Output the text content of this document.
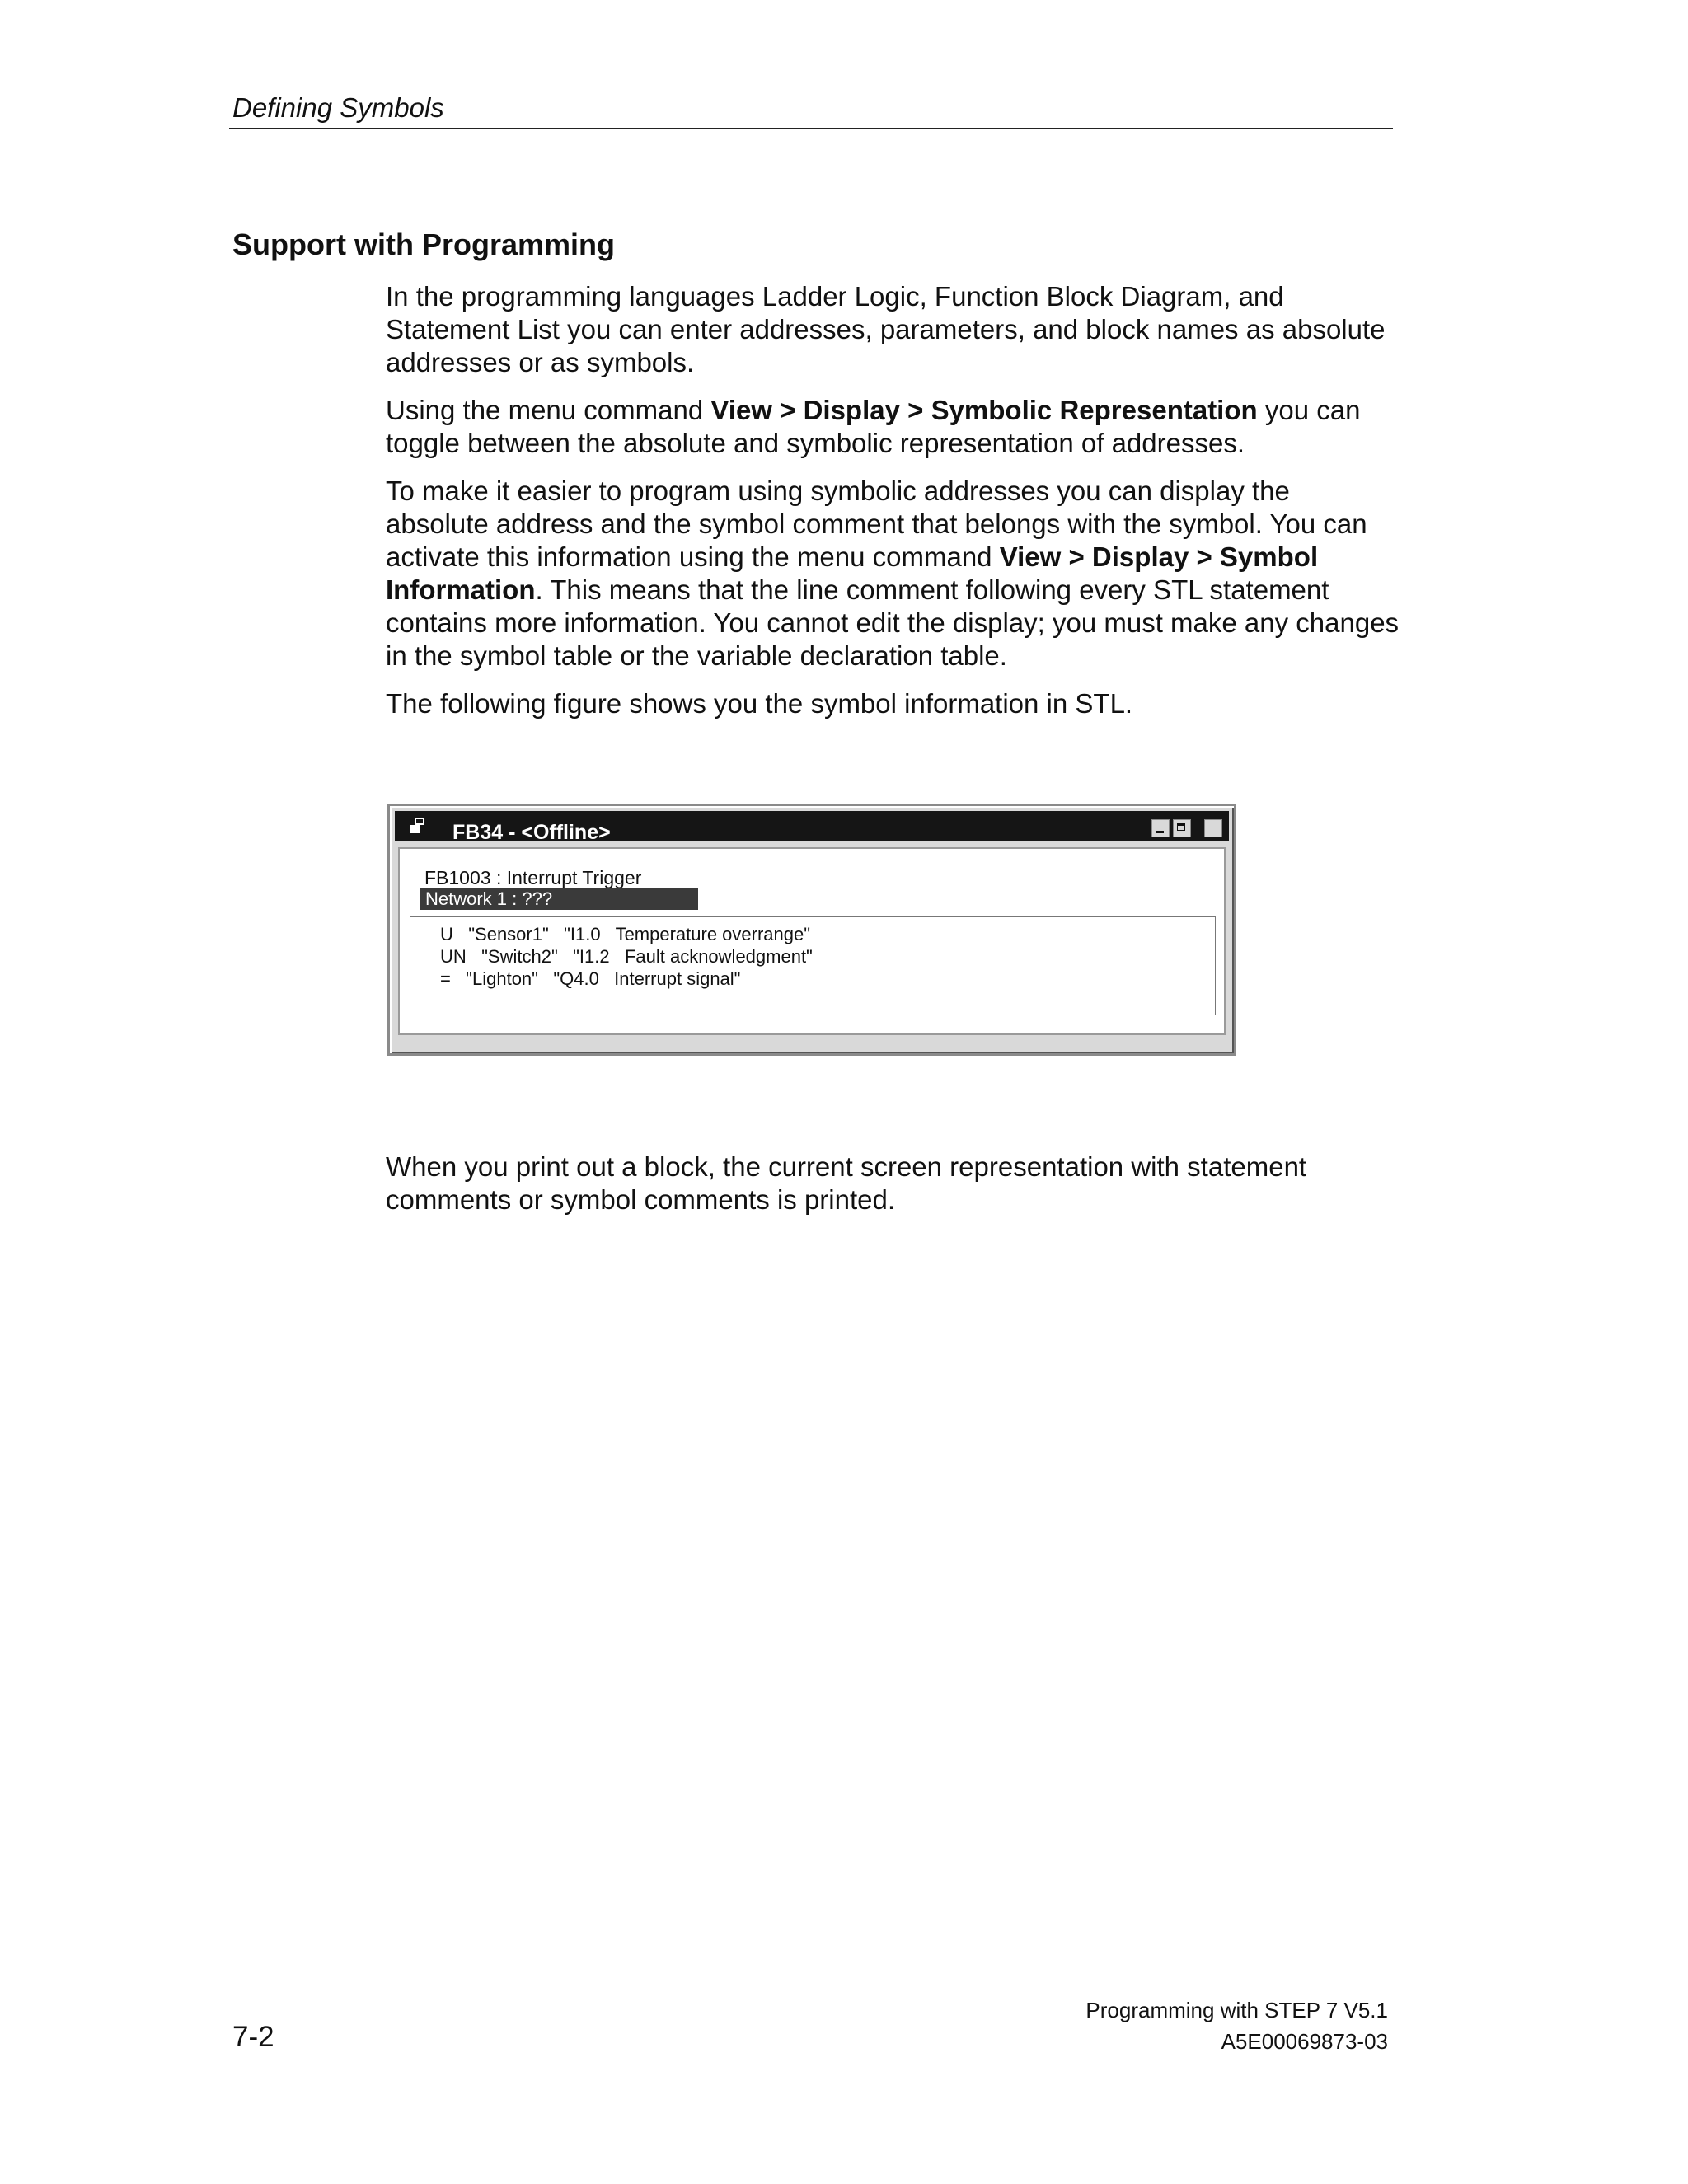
Defining Symbols
Support with Programming

In the programming languages Ladder Logic, Function Block Diagram, and Statement List you can enter addresses, parameters, and block names as absolute addresses or as symbols.

Using the menu command View > Display > Symbolic Representation you can toggle between the absolute and symbolic representation of addresses.

To make it easier to program using symbolic addresses you can display the absolute address and the symbol comment that belongs with the symbol. You can activate this information using the menu command View > Display > Symbol Information. This means that the line comment following every STL statement contains more information. You cannot edit the display; you must make any changes in the symbol table or the variable declaration table.

The following figure shows you the symbol information in STL.

FB34 - <Offline>
FB1003 : Interrupt Trigger
Network 1 : ???
U   "Sensor1"   "I1.0   Temperature overrange"
UN   "Switch2"   "I1.2   Fault acknowledgment"
=   "Lighton"   "Q4.0   Interrupt signal"

When you print out a block, the current screen representation with statement comments or symbol comments is printed.

Programming with STEP 7 V5.1
7-2	A5E00069873-03
